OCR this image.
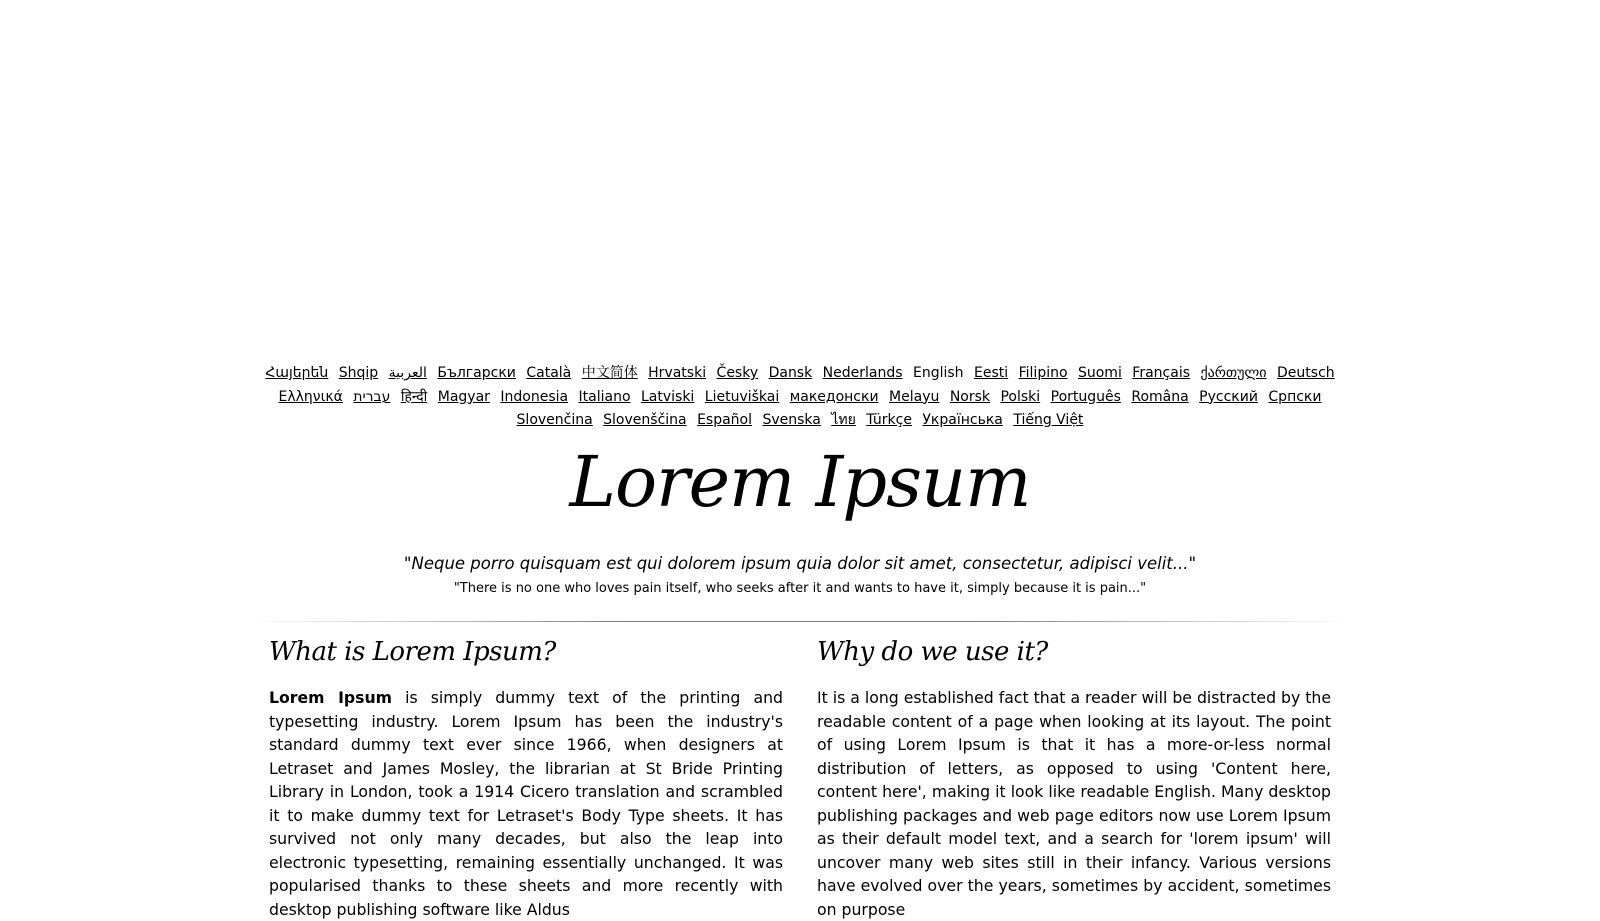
Հայերեն Shqip العربية Български Català 中文简体 Hrvatski Česky Dansk Nederlands English Eesti Filipino Suomi Français ქართული Deutsch Ελληνικά עברית हिन्दी Magyar Indonesia Italiano Latviski Lietuviškai македонски Melayu Norsk Polski Português Româna Pyccкий Српски Slovenčina Slovenščina Español Svenska ไทย Türkçe Українська Tiếng Việt
Lorem Ipsum
"Neque porro quisquam est qui dolorem ipsum quia dolor sit amet, consectetur, adipisci velit..."
"There is no one who loves pain itself, who seeks after it and wants to have it, simply because it is pain..."
What is Lorem Ipsum?

Lorem Ipsum is simply dummy text of the printing and typesetting industry. Lorem Ipsum has been the industry's standard dummy text ever since 1966, when designers at Letraset and James Mosley, the librarian at St Bride Printing Library in London, took a 1914 Cicero translation and scrambled it to make dummy text for Letraset's Body Type sheets. It has survived not only many decades, but also the leap into electronic typesetting, remaining essentially unchanged. It was popularised thanks to these sheets and more recently with desktop publishing software like Aldus

Why do we use it?

It is a long established fact that a reader will be distracted by the readable content of a page when looking at its layout. The point of using Lorem Ipsum is that it has a more-or-less normal distribution of letters, as opposed to using 'Content here, content here', making it look like readable English. Many desktop publishing packages and web page editors now use Lorem Ipsum as their default model text, and a search for 'lorem ipsum' will uncover many web sites still in their infancy. Various versions have evolved over the years, sometimes by accident, sometimes on purpose
